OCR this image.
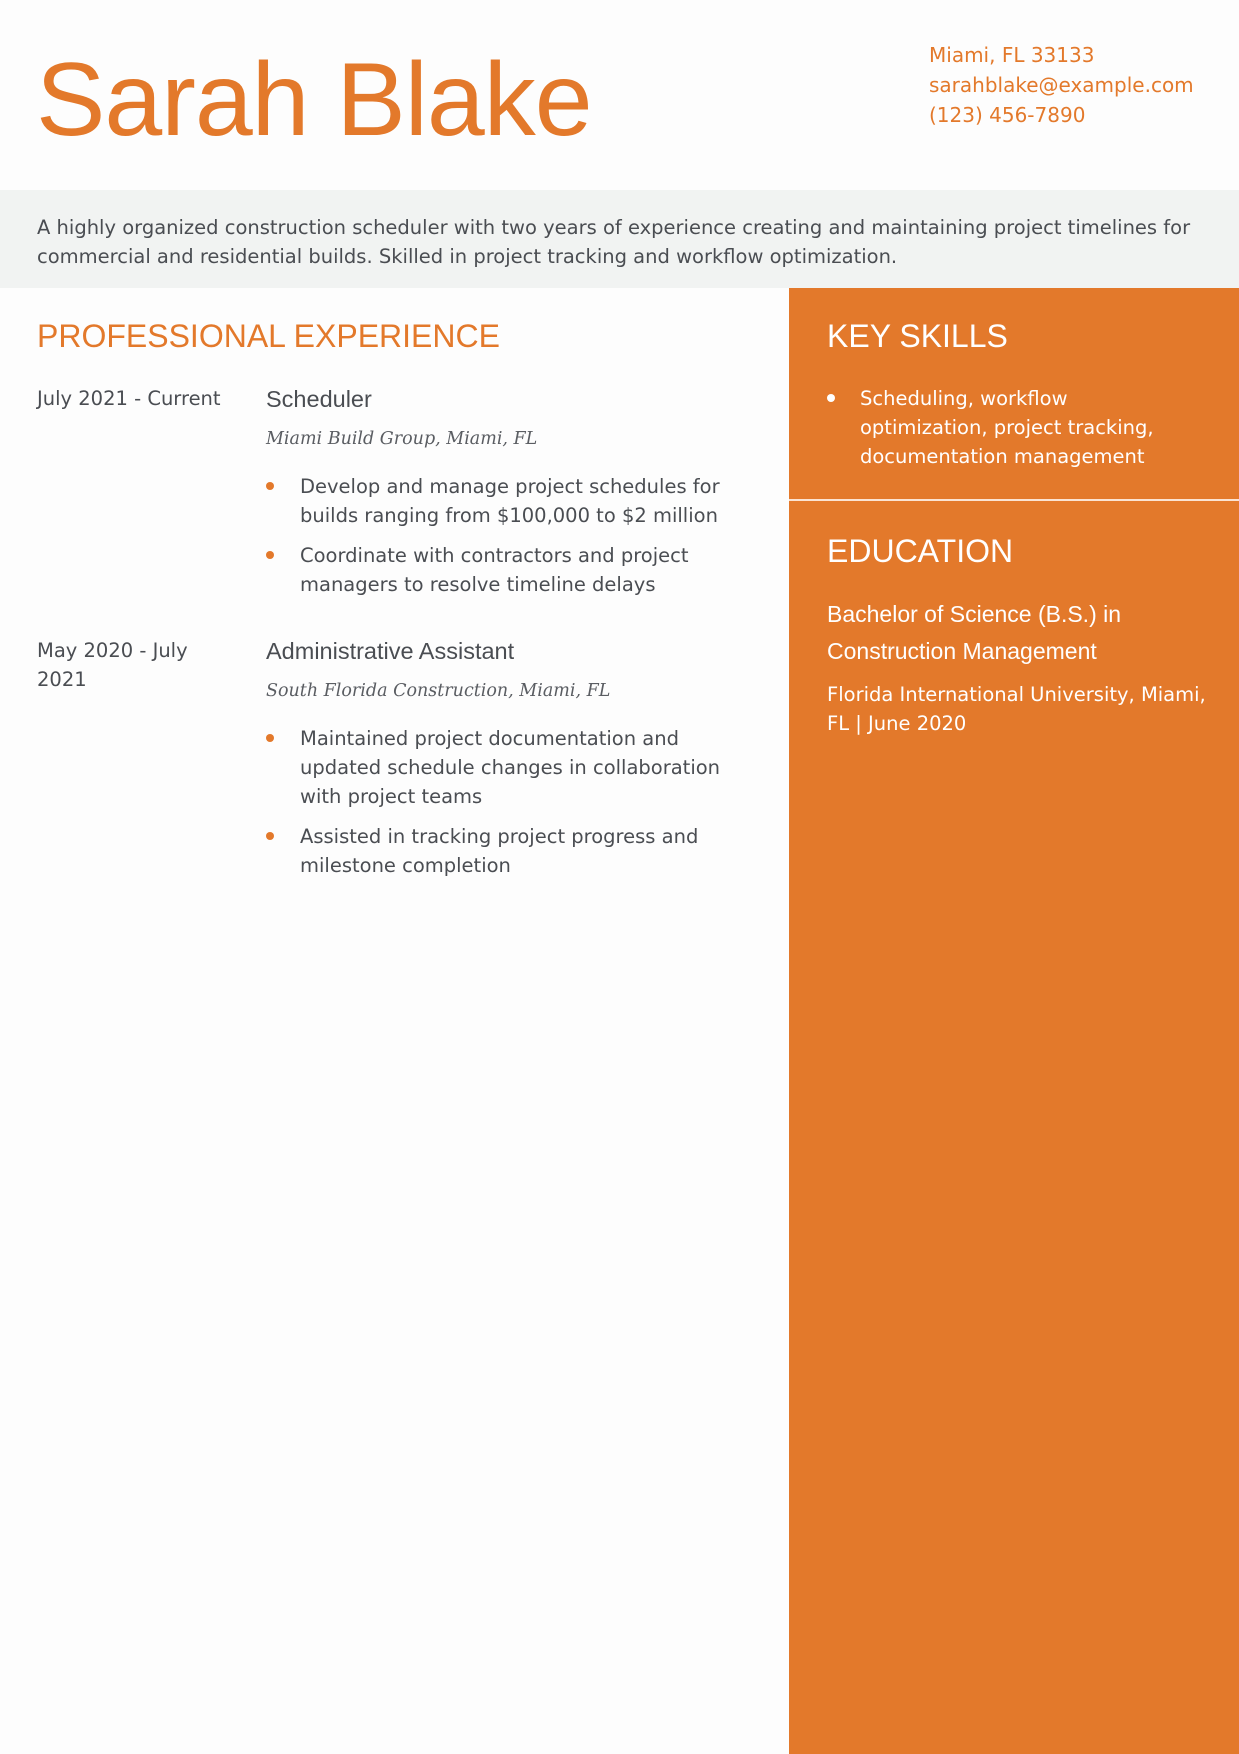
Sarah Blake	Miami, FL 33133
sarahblake@example.com
(123) 456-7890

A highly organized construction scheduler with two years of experience creating and maintaining project timelines for commercial and residential builds. Skilled in project tracking and workflow optimization.

PROFESSIONAL EXPERIENCE
July 2021 - Current	Scheduler
Miami Build Group, Miami, FL
Develop and manage project schedules for builds ranging from $100,000 to $2 million
Coordinate with contractors and project managers to resolve timeline delays
May 2020 - July 2021
Administrative Assistant
South Florida Construction, Miami, FL
Maintained project documentation and updated schedule changes in collaboration with project teams
Assisted in tracking project progress and milestone completion
KEY SKILLS
Scheduling, workflow optimization, project tracking, documentation management
EDUCATION
Bachelor of Science (B.S.) in Construction Management
Florida International University, Miami, FL | June 2020
